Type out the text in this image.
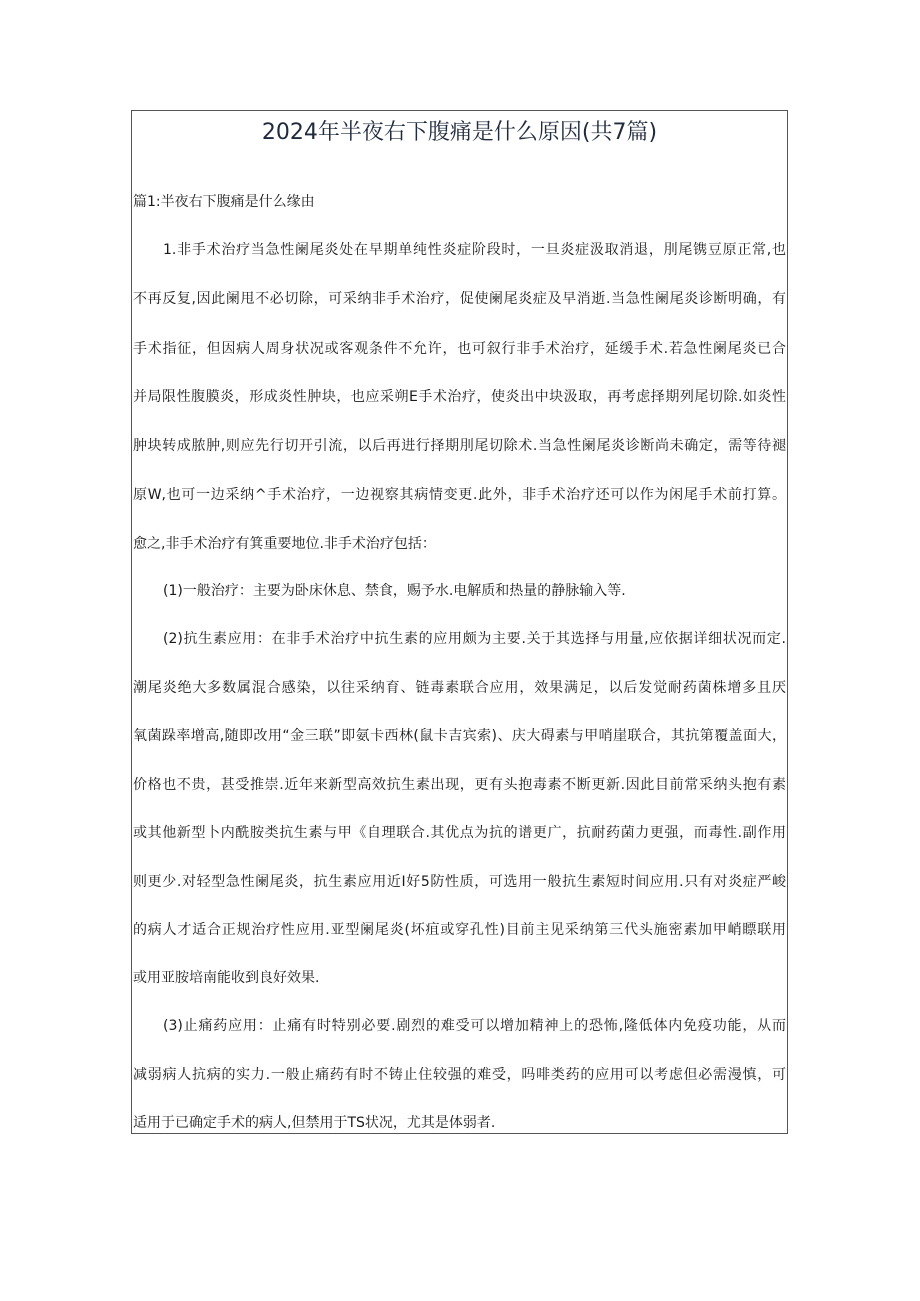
2024年半夜右下腹痛是什么原因(共7篇)
篇1:半夜右下腹痛是什么缘由
1.非手术治疗当急性阑尾炎处在早期单纯性炎症阶段时，一旦炎症汲取消退，刖尾镌豆原正常,也
不再反复,因此阑甩不必切除，可采纳非手术治疗，促使阑尾炎症及早消逝.当急性阑尾炎诊断明确，有
手术指征，但因病人周身状况或客观条件不允许，也可叙行非手术治疗，延缓手术.若急性阑尾炎已合
并局限性腹膜炎，形成炎性肿块，也应采朔E手术治疗，使炎出中块汲取，再考虑择期列尾切除.如炎性
肿块转成脓肿,则应先行切开引流，以后再进行择期刖尾切除术.当急性阑尾炎诊断尚未确定，需等待褪
原W,也可一边采纳^手术治疗，一边视察其病情变更.此外，非手术治疗还可以作为闲尾手术前打算。
愈之,非手术治疗有箕重要地位.非手术治疗包括：
(1)一般治疗：主要为卧床休息、禁食，赐予水.电解质和热量的静脉输入等.
(2)抗生素应用：在非手术治疗中抗生素的应用颇为主要.关于其选择与用量,应依据详细状况而定.
潮尾炎绝大多数属混合感染，以往采纳育、链毒素联合应用，效果满足，以后发觉耐药菌株增多且厌
氧菌跺率增高,随即改用“金三联”即氨卡西林(鼠卡吉宾索)、庆大碍素与甲哨崖联合，其抗第覆盖面大，
价格也不贵，甚受推崇.近年来新型高效抗生素出现，更有头抱毒素不断更新.因此目前常采纳头抱有素
或其他新型卜内酰胺类抗生素与甲《自理联合.其优点为抗的谱更广，抗耐药菌力更强，而毒性.副作用
则更少.对轻型急性阑尾炎，抗生素应用近I好5防性质，可选用一般抗生素短时间应用.只有对炎症严峻
的病人才适合正规治疗性应用.亚型阑尾炎(坏疽或穿孔性)目前主见采纳第三代头施密素加甲峭瞟联用
或用亚胺培南能收到良好效果.
(3)止痛药应用：止痛有时特别必要.剧烈的难受可以增加精神上的恐怖,隆低体内免疫功能，从而
减弱病人抗病的实力.一般止痛药有时不铸止住较强的难受，吗啡类药的应用可以考虑但必需漫慎，可
适用于已确定手术的病人,但禁用于TS状况，尤其是体弱者.
